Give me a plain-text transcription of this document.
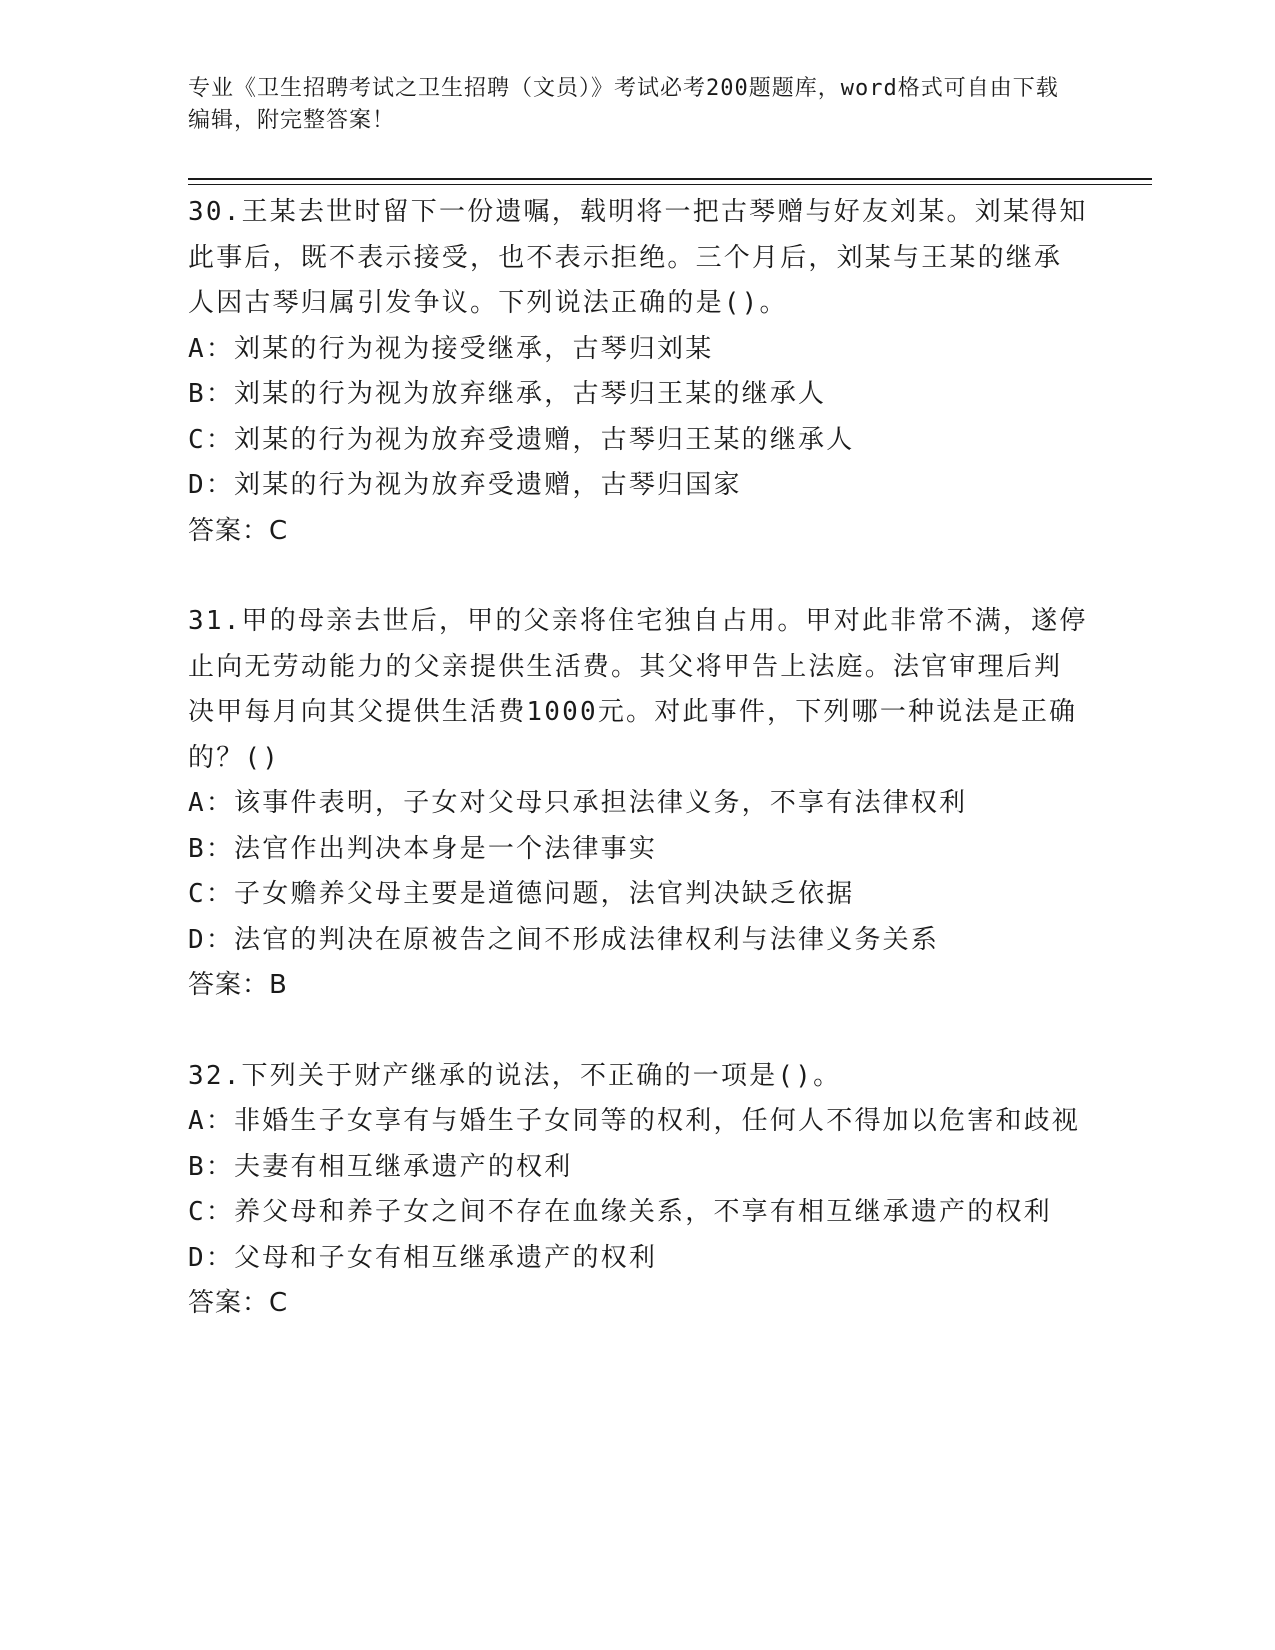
专业《卫生招聘考试之卫生招聘（文员）》考试必考200题题库，word格式可自由下载编辑，附完整答案！
30.王某去世时留下一份遗嘱，载明将一把古琴赠与好友刘某。刘某得知此事后，既不表示接受，也不表示拒绝。三个月后，刘某与王某的继承人因古琴归属引发争议。下列说法正确的是()。
A：刘某的行为视为接受继承，古琴归刘某
B：刘某的行为视为放弃继承，古琴归王某的继承人
C：刘某的行为视为放弃受遗赠，古琴归王某的继承人
D：刘某的行为视为放弃受遗赠，古琴归国家
答案：C
31.甲的母亲去世后，甲的父亲将住宅独自占用。甲对此非常不满，遂停止向无劳动能力的父亲提供生活费。其父将甲告上法庭。法官审理后判决甲每月向其父提供生活费1000元。对此事件，下列哪一种说法是正确的？()
A：该事件表明，子女对父母只承担法律义务，不享有法律权利
B：法官作出判决本身是一个法律事实
C：子女赡养父母主要是道德问题，法官判决缺乏依据
D：法官的判决在原被告之间不形成法律权利与法律义务关系
答案：B
32.下列关于财产继承的说法，不正确的一项是()。
A：非婚生子女享有与婚生子女同等的权利，任何人不得加以危害和歧视
B：夫妻有相互继承遗产的权利
C：养父母和养子女之间不存在血缘关系，不享有相互继承遗产的权利
D：父母和子女有相互继承遗产的权利
答案：C
